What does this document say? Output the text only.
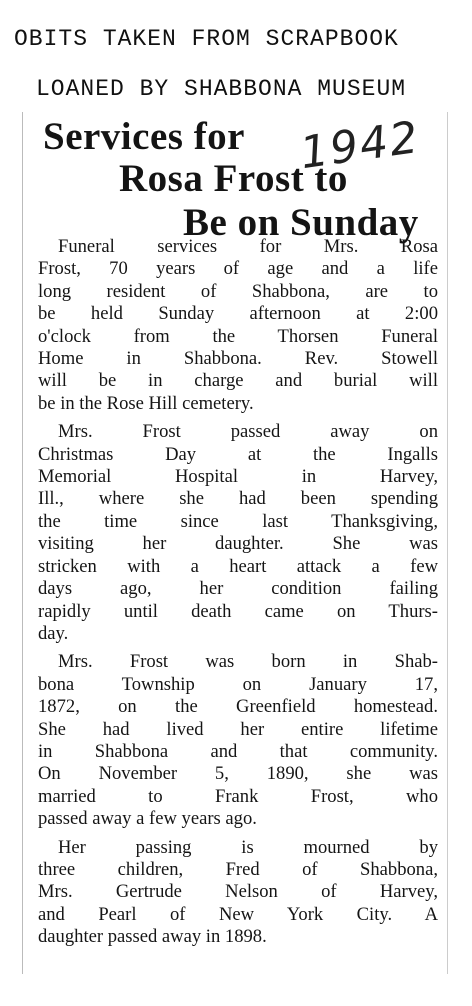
OBITS TAKEN FROM SCRAPBOOK
LOANED BY SHABBONA MUSEUM
Services for
Rosa Frost to
Be on Sunday
1942
Funeral services for Mrs. Rosa
Frost, 70 years of age and a life
long resident of Shabbona, are to
be held Sunday afternoon at 2:00
o'clock from the Thorsen Funeral
Home in Shabbona. Rev. Stowell
will be in charge and burial will
be in the Rose Hill cemetery.
Mrs. Frost passed away on
Christmas Day at the Ingalls
Memorial Hospital in Harvey,
Ill., where she had been spending
the time since last Thanksgiving,
visiting her daughter. She was
stricken with a heart attack a few
days ago, her condition failing
rapidly until death came on Thurs-
day.
Mrs. Frost was born in Shab-
bona Township on January 17,
1872, on the Greenfield homestead.
She had lived her entire lifetime
in Shabbona and that community.
On November 5, 1890, she was
married to Frank Frost, who
passed away a few years ago.
Her passing is mourned by
three children, Fred of Shabbona,
Mrs. Gertrude Nelson of Harvey,
and Pearl of New York City. A
daughter passed away in 1898.
